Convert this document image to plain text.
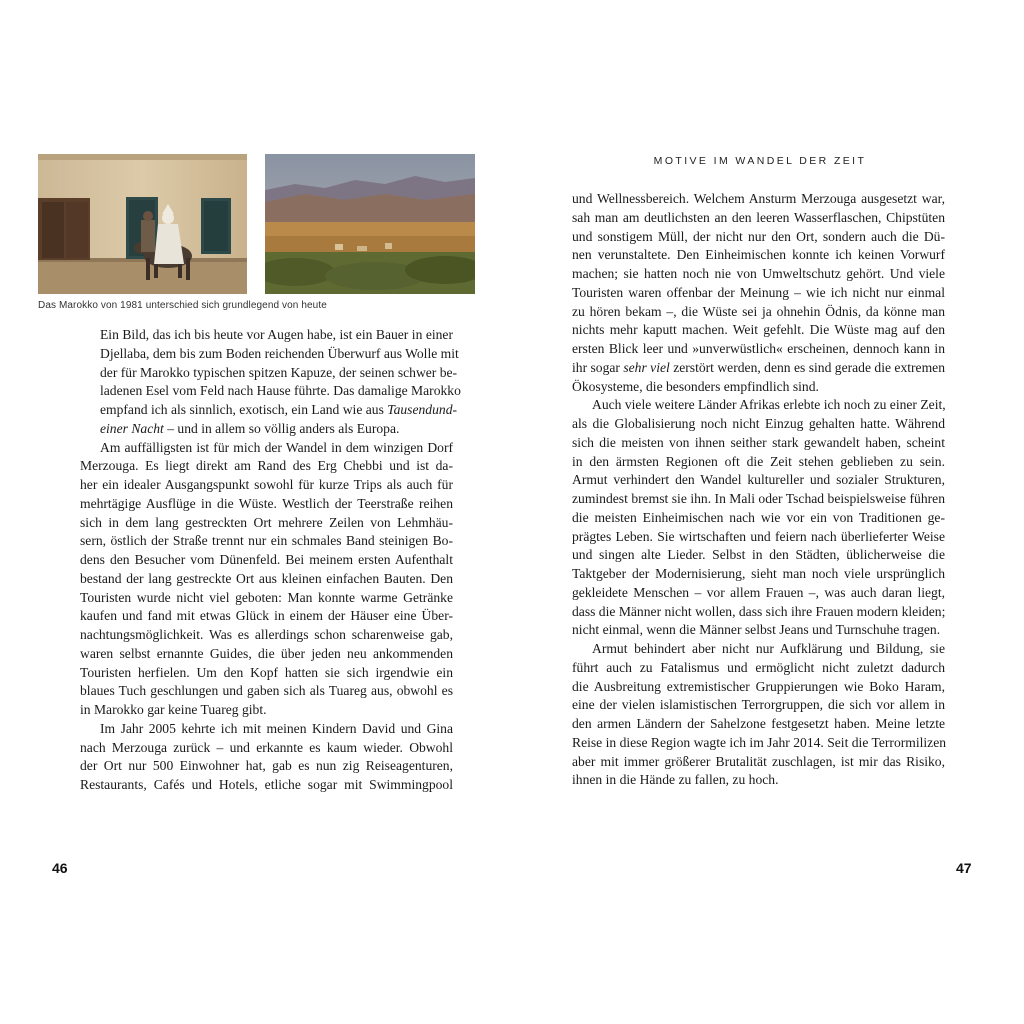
Das Marokko von 1981 unterschied sich grundlegend von heute
MOTIVE IM WANDEL DER ZEIT

Ein Bild, das ich bis heute vor Augen habe, ist ein Bauer in einer
Djellaba, dem bis zum Boden reichenden Überwurf aus Wolle mit
der für Marokko typischen spitzen Kapuze, der seinen schwer be-
ladenen Esel vom Feld nach Hause führte. Das damalige Marokko
empfand ich als sinnlich, exotisch, ein Land wie aus Tausendund-
einer Nacht – und in allem so völlig anders als Europa.

Am auffälligsten ist für mich der Wandel in dem winzigen Dorf
Merzouga. Es liegt direkt am Rand des Erg Chebbi und ist da-
her ein idealer Ausgangspunkt sowohl für kurze Trips als auch für
mehrtägige Ausflüge in die Wüste. Westlich der Teerstraße reihen
sich in dem lang gestreckten Ort mehrere Zeilen von Lehmhäu-
sern, östlich der Straße trennt nur ein schmales Band steinigen Bo-
dens den Besucher vom Dünenfeld. Bei meinem ersten Aufenthalt
bestand der lang gestreckte Ort aus kleinen einfachen Bauten. Den
Touristen wurde nicht viel geboten: Man konnte warme Getränke
kaufen und fand mit etwas Glück in einem der Häuser eine Über-
nachtungsmöglichkeit. Was es allerdings schon scharenweise gab,
waren selbst ernannte Guides, die über jeden neu ankommenden
Touristen herfielen. Um den Kopf hatten sie sich irgendwie ein
blaues Tuch geschlungen und gaben sich als Tuareg aus, obwohl es
in Marokko gar keine Tuareg gibt.

Im Jahr 2005 kehrte ich mit meinen Kindern David und Gina
nach Merzouga zurück – und erkannte es kaum wieder. Obwohl
der Ort nur 500 Einwohner hat, gab es nun zig Reiseagenturen,
Restaurants, Cafés und Hotels, etliche sogar mit Swimmingpool

und Wellnessbereich. Welchem Ansturm Merzouga ausgesetzt war,
sah man am deutlichsten an den leeren Wasserflaschen, Chipstüten
und sonstigem Müll, der nicht nur den Ort, sondern auch die Dü-
nen verunstaltete. Den Einheimischen konnte ich keinen Vorwurf
machen; sie hatten noch nie von Umweltschutz gehört. Und viele
Touristen waren offenbar der Meinung – wie ich nicht nur einmal
zu hören bekam –, die Wüste sei ja ohnehin Ödnis, da könne man
nichts mehr kaputt machen. Weit gefehlt. Die Wüste mag auf den
ersten Blick leer und »unverwüstlich« erscheinen, dennoch kann in
ihr sogar sehr viel zerstört werden, denn es sind gerade die extremen
Ökosysteme, die besonders empfindlich sind.

Auch viele weitere Länder Afrikas erlebte ich noch zu einer Zeit,
als die Globalisierung noch nicht Einzug gehalten hatte. Während
sich die meisten von ihnen seither stark gewandelt haben, scheint
in den ärmsten Regionen oft die Zeit stehen geblieben zu sein.
Armut verhindert den Wandel kultureller und sozialer Strukturen,
zumindest bremst sie ihn. In Mali oder Tschad beispielsweise führen
die meisten Einheimischen nach wie vor ein von Traditionen ge-
prägtes Leben. Sie wirtschaften und feiern nach überlieferter Weise
und singen alte Lieder. Selbst in den Städten, üblicherweise die
Taktgeber der Modernisierung, sieht man noch viele ursprünglich
gekleidete Menschen – vor allem Frauen –, was auch daran liegt,
dass die Männer nicht wollen, dass sich ihre Frauen modern kleiden;
nicht einmal, wenn die Männer selbst Jeans und Turnschuhe tragen.

Armut behindert aber nicht nur Aufklärung und Bildung, sie
führt auch zu Fatalismus und ermöglicht nicht zuletzt dadurch
die Ausbreitung extremistischer Gruppierungen wie Boko Haram,
eine der vielen islamistischen Terrorgruppen, die sich vor allem in
den armen Ländern der Sahelzone festgesetzt haben. Meine letzte
Reise in diese Region wagte ich im Jahr 2014. Seit die Terrormilizen
aber mit immer größerer Brutalität zuschlagen, ist mir das Risiko,
ihnen in die Hände zu fallen, zu hoch.

46	47
